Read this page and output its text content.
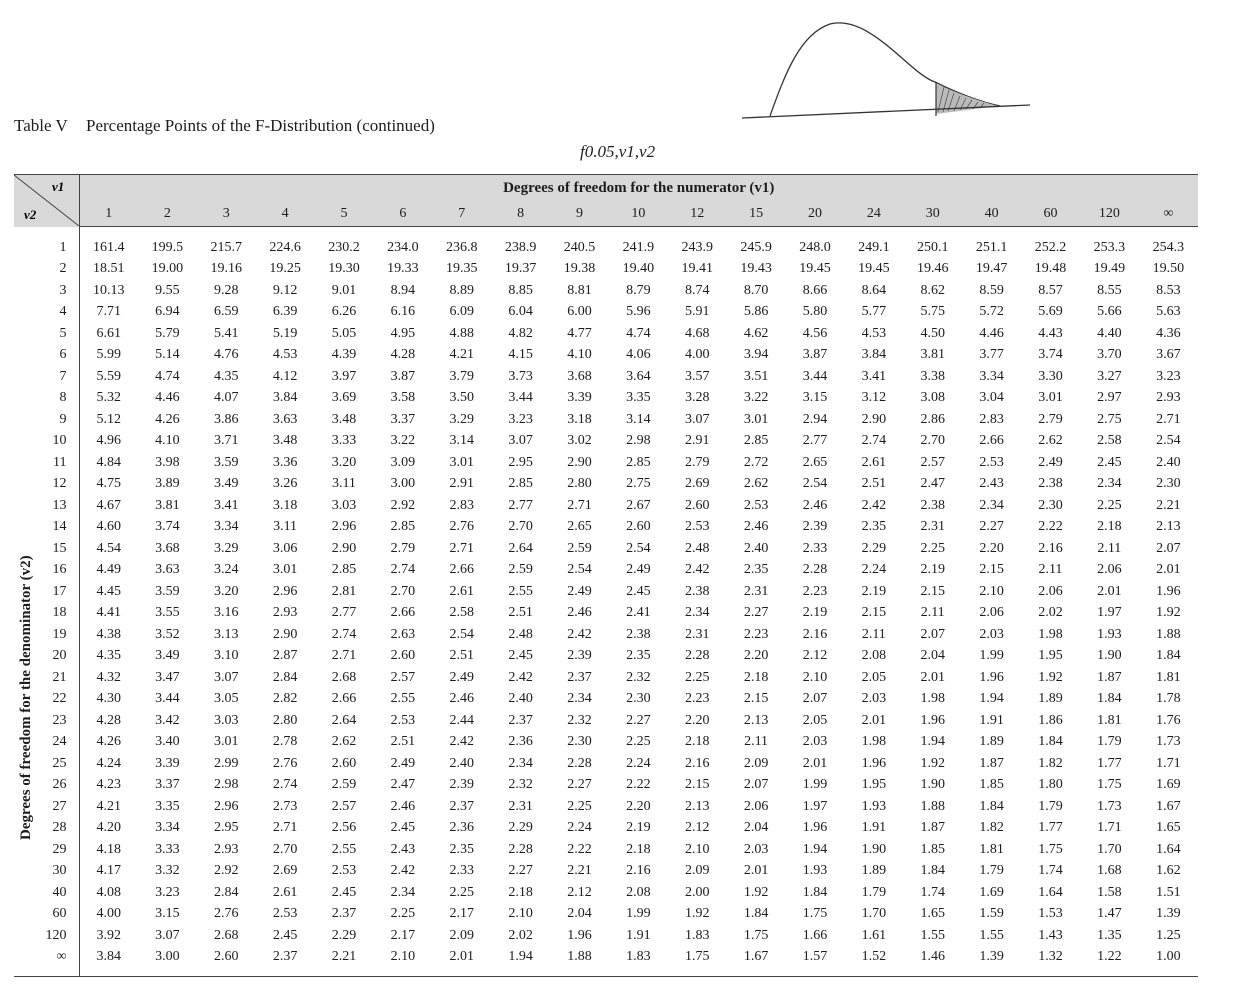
Table V Percentage Points of the F-Distribution (continued)
f0.05,v1,v2
v1
v2	Degrees of freedom for the numerator (v1)																		
	1	2	3	4	5	6	7	8	9	10	12	15	20	24	30	40	60	120	∞
1	161.4	199.5	215.7	224.6	230.2	234.0	236.8	238.9	240.5	241.9	243.9	245.9	248.0	249.1	250.1	251.1	252.2	253.3	254.3
2	18.51	19.00	19.16	19.25	19.30	19.33	19.35	19.37	19.38	19.40	19.41	19.43	19.45	19.45	19.46	19.47	19.48	19.49	19.50
3	10.13	9.55	9.28	9.12	9.01	8.94	8.89	8.85	8.81	8.79	8.74	8.70	8.66	8.64	8.62	8.59	8.57	8.55	8.53
4	7.71	6.94	6.59	6.39	6.26	6.16	6.09	6.04	6.00	5.96	5.91	5.86	5.80	5.77	5.75	5.72	5.69	5.66	5.63
5	6.61	5.79	5.41	5.19	5.05	4.95	4.88	4.82	4.77	4.74	4.68	4.62	4.56	4.53	4.50	4.46	4.43	4.40	4.36
6	5.99	5.14	4.76	4.53	4.39	4.28	4.21	4.15	4.10	4.06	4.00	3.94	3.87	3.84	3.81	3.77	3.74	3.70	3.67
7	5.59	4.74	4.35	4.12	3.97	3.87	3.79	3.73	3.68	3.64	3.57	3.51	3.44	3.41	3.38	3.34	3.30	3.27	3.23
8	5.32	4.46	4.07	3.84	3.69	3.58	3.50	3.44	3.39	3.35	3.28	3.22	3.15	3.12	3.08	3.04	3.01	2.97	2.93
9	5.12	4.26	3.86	3.63	3.48	3.37	3.29	3.23	3.18	3.14	3.07	3.01	2.94	2.90	2.86	2.83	2.79	2.75	2.71
10	4.96	4.10	3.71	3.48	3.33	3.22	3.14	3.07	3.02	2.98	2.91	2.85	2.77	2.74	2.70	2.66	2.62	2.58	2.54
11	4.84	3.98	3.59	3.36	3.20	3.09	3.01	2.95	2.90	2.85	2.79	2.72	2.65	2.61	2.57	2.53	2.49	2.45	2.40
12	4.75	3.89	3.49	3.26	3.11	3.00	2.91	2.85	2.80	2.75	2.69	2.62	2.54	2.51	2.47	2.43	2.38	2.34	2.30
13	4.67	3.81	3.41	3.18	3.03	2.92	2.83	2.77	2.71	2.67	2.60	2.53	2.46	2.42	2.38	2.34	2.30	2.25	2.21
14	4.60	3.74	3.34	3.11	2.96	2.85	2.76	2.70	2.65	2.60	2.53	2.46	2.39	2.35	2.31	2.27	2.22	2.18	2.13
15	4.54	3.68	3.29	3.06	2.90	2.79	2.71	2.64	2.59	2.54	2.48	2.40	2.33	2.29	2.25	2.20	2.16	2.11	2.07
16	4.49	3.63	3.24	3.01	2.85	2.74	2.66	2.59	2.54	2.49	2.42	2.35	2.28	2.24	2.19	2.15	2.11	2.06	2.01
17	4.45	3.59	3.20	2.96	2.81	2.70	2.61	2.55	2.49	2.45	2.38	2.31	2.23	2.19	2.15	2.10	2.06	2.01	1.96
18	4.41	3.55	3.16	2.93	2.77	2.66	2.58	2.51	2.46	2.41	2.34	2.27	2.19	2.15	2.11	2.06	2.02	1.97	1.92
19	4.38	3.52	3.13	2.90	2.74	2.63	2.54	2.48	2.42	2.38	2.31	2.23	2.16	2.11	2.07	2.03	1.98	1.93	1.88
20	4.35	3.49	3.10	2.87	2.71	2.60	2.51	2.45	2.39	2.35	2.28	2.20	2.12	2.08	2.04	1.99	1.95	1.90	1.84
21	4.32	3.47	3.07	2.84	2.68	2.57	2.49	2.42	2.37	2.32	2.25	2.18	2.10	2.05	2.01	1.96	1.92	1.87	1.81
22	4.30	3.44	3.05	2.82	2.66	2.55	2.46	2.40	2.34	2.30	2.23	2.15	2.07	2.03	1.98	1.94	1.89	1.84	1.78
23	4.28	3.42	3.03	2.80	2.64	2.53	2.44	2.37	2.32	2.27	2.20	2.13	2.05	2.01	1.96	1.91	1.86	1.81	1.76
24	4.26	3.40	3.01	2.78	2.62	2.51	2.42	2.36	2.30	2.25	2.18	2.11	2.03	1.98	1.94	1.89	1.84	1.79	1.73
25	4.24	3.39	2.99	2.76	2.60	2.49	2.40	2.34	2.28	2.24	2.16	2.09	2.01	1.96	1.92	1.87	1.82	1.77	1.71
26	4.23	3.37	2.98	2.74	2.59	2.47	2.39	2.32	2.27	2.22	2.15	2.07	1.99	1.95	1.90	1.85	1.80	1.75	1.69
27	4.21	3.35	2.96	2.73	2.57	2.46	2.37	2.31	2.25	2.20	2.13	2.06	1.97	1.93	1.88	1.84	1.79	1.73	1.67
28	4.20	3.34	2.95	2.71	2.56	2.45	2.36	2.29	2.24	2.19	2.12	2.04	1.96	1.91	1.87	1.82	1.77	1.71	1.65
29	4.18	3.33	2.93	2.70	2.55	2.43	2.35	2.28	2.22	2.18	2.10	2.03	1.94	1.90	1.85	1.81	1.75	1.70	1.64
30	4.17	3.32	2.92	2.69	2.53	2.42	2.33	2.27	2.21	2.16	2.09	2.01	1.93	1.89	1.84	1.79	1.74	1.68	1.62
40	4.08	3.23	2.84	2.61	2.45	2.34	2.25	2.18	2.12	2.08	2.00	1.92	1.84	1.79	1.74	1.69	1.64	1.58	1.51
60	4.00	3.15	2.76	2.53	2.37	2.25	2.17	2.10	2.04	1.99	1.92	1.84	1.75	1.70	1.65	1.59	1.53	1.47	1.39
120	3.92	3.07	2.68	2.45	2.29	2.17	2.09	2.02	1.96	1.91	1.83	1.75	1.66	1.61	1.55	1.55	1.43	1.35	1.25
∞	3.84	3.00	2.60	2.37	2.21	2.10	2.01	1.94	1.88	1.83	1.75	1.67	1.57	1.52	1.46	1.39	1.32	1.22	1.00
Degrees of freedom for the denominator (v2)
